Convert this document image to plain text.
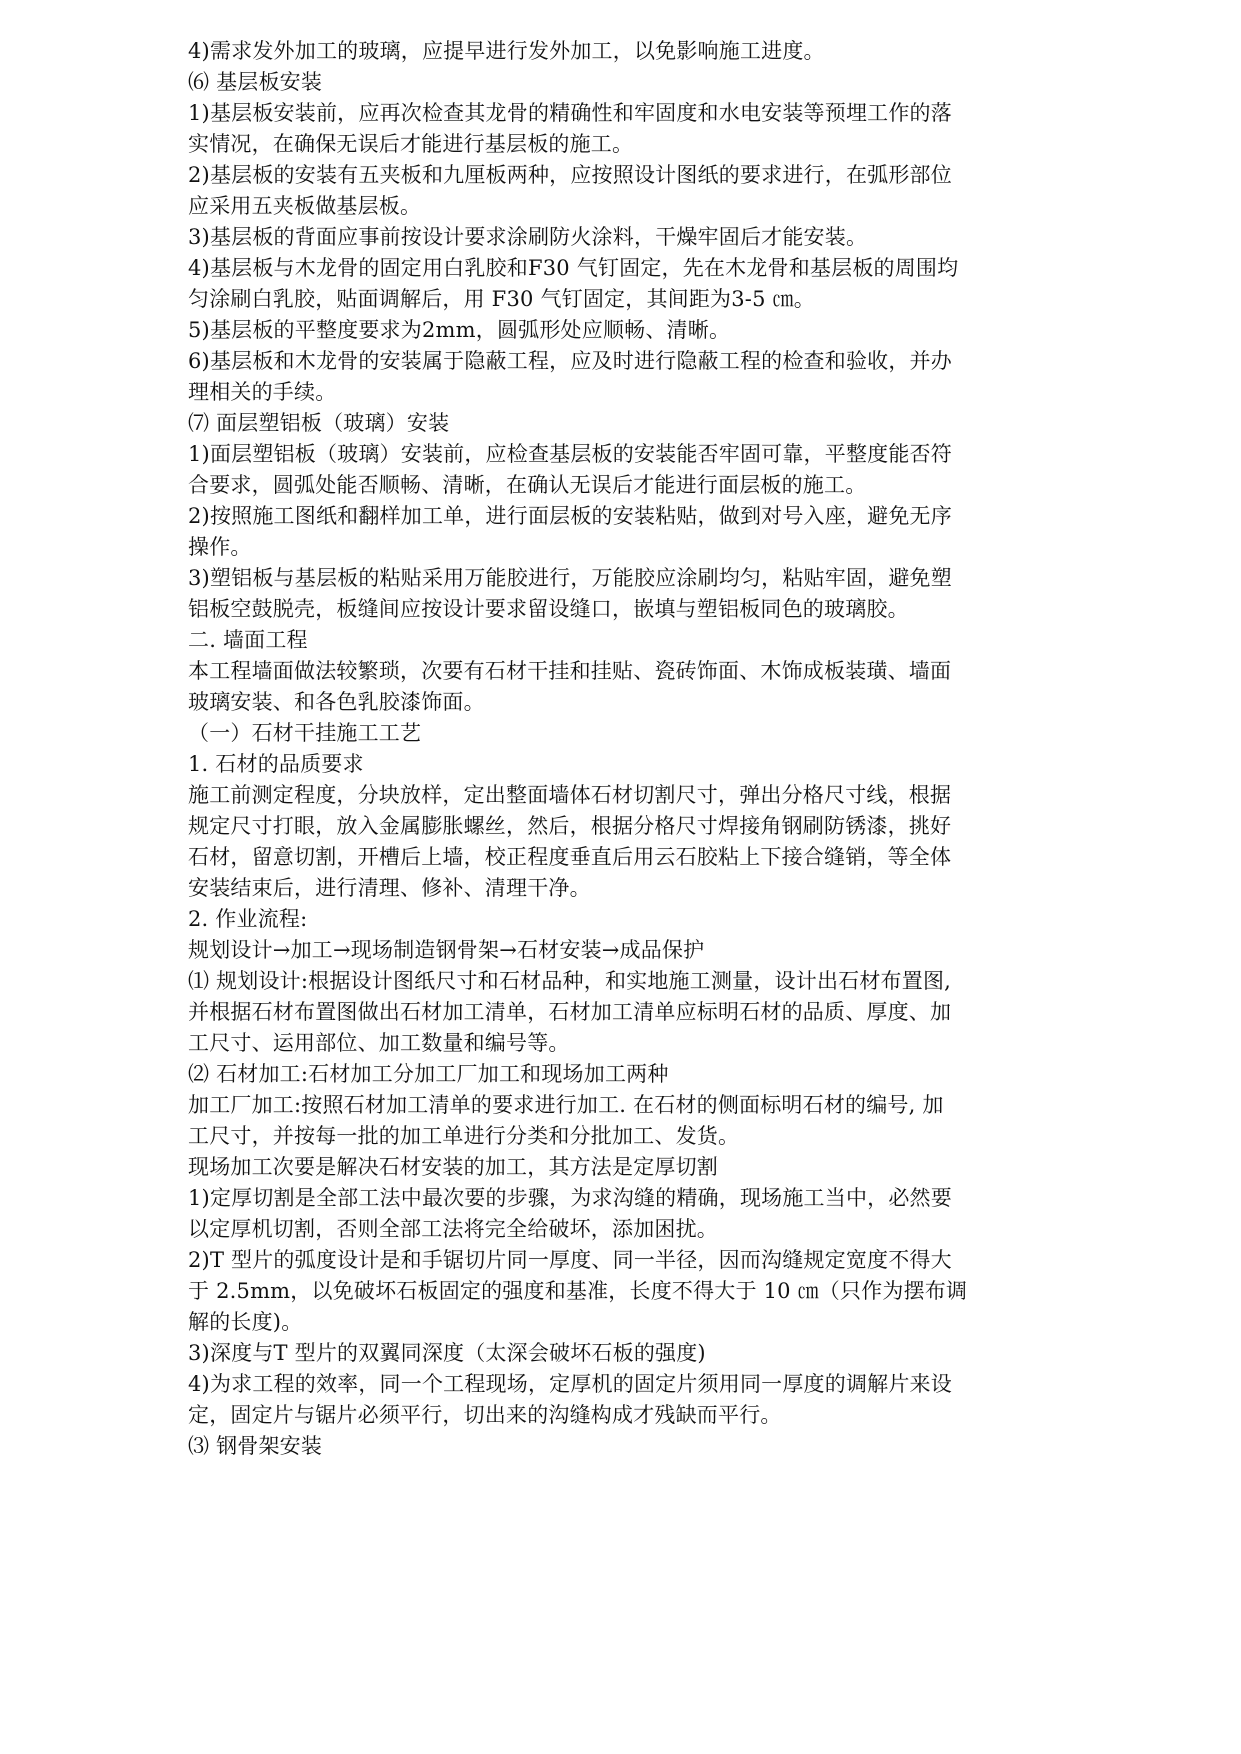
4)需求发外加工的玻璃，应提早进行发外加工，以免影响施工进度。
⑹ 基层板安装
1)基层板安装前，应再次检查其龙骨的精确性和牢固度和水电安装等预埋工作的落
实情况，在确保无误后才能进行基层板的施工。
2)基层板的安装有五夹板和九厘板两种，应按照设计图纸的要求进行，在弧形部位
应采用五夹板做基层板。
3)基层板的背面应事前按设计要求涂刷防火涂料，干燥牢固后才能安装。
4)基层板与木龙骨的固定用白乳胶和F30 气钉固定，先在木龙骨和基层板的周围均
匀涂刷白乳胶，贴面调解后，用 F30 气钉固定，其间距为3-5 ㎝。
5)基层板的平整度要求为2mm，圆弧形处应顺畅、清晰。
6)基层板和木龙骨的安装属于隐蔽工程，应及时进行隐蔽工程的检查和验收，并办
理相关的手续。
⑺ 面层塑铝板（玻璃）安装
1)面层塑铝板（玻璃）安装前，应检查基层板的安装能否牢固可靠，平整度能否符
合要求，圆弧处能否顺畅、清晰，在确认无误后才能进行面层板的施工。
2)按照施工图纸和翻样加工单，进行面层板的安装粘贴，做到对号入座，避免无序
操作。
3)塑铝板与基层板的粘贴采用万能胶进行，万能胶应涂刷均匀，粘贴牢固，避免塑
铝板空鼓脱壳，板缝间应按设计要求留设缝口，嵌填与塑铝板同色的玻璃胶。
二. 墙面工程
本工程墙面做法较繁琐，次要有石材干挂和挂贴、瓷砖饰面、木饰成板装璜、墙面
玻璃安装、和各色乳胶漆饰面。
（一）石材干挂施工工艺
1. 石材的品质要求
施工前测定程度，分块放样，定出整面墙体石材切割尺寸，弹出分格尺寸线，根据
规定尺寸打眼，放入金属膨胀螺丝，然后，根据分格尺寸焊接角钢刷防锈漆，挑好
石材，留意切割，开槽后上墙，校正程度垂直后用云石胶粘上下接合缝销，等全体
安装结束后，进行清理、修补、清理干净。
2. 作业流程:
规划设计→加工→现场制造钢骨架→石材安装→成品保护
⑴ 规划设计:根据设计图纸尺寸和石材品种，和实地施工测量，设计出石材布置图,
并根据石材布置图做出石材加工清单，石材加工清单应标明石材的品质、厚度、加
工尺寸、运用部位、加工数量和编号等。
⑵ 石材加工:石材加工分加工厂加工和现场加工两种
加工厂加工:按照石材加工清单的要求进行加工. 在石材的侧面标明石材的编号, 加
工尺寸，并按每一批的加工单进行分类和分批加工、发货。
现场加工次要是解决石材安装的加工，其方法是定厚切割
1)定厚切割是全部工法中最次要的步骤，为求沟缝的精确，现场施工当中，必然要
以定厚机切割，否则全部工法将完全给破坏，添加困扰。
2)T 型片的弧度设计是和手锯切片同一厚度、同一半径，因而沟缝规定宽度不得大
于 2.5mm，以免破坏石板固定的强度和基准，长度不得大于 10 ㎝（只作为摆布调
解的长度)。
3)深度与T 型片的双翼同深度（太深会破坏石板的强度)
4)为求工程的效率，同一个工程现场，定厚机的固定片须用同一厚度的调解片来设
定，固定片与锯片必须平行，切出来的沟缝构成才残缺而平行。
⑶ 钢骨架安装
